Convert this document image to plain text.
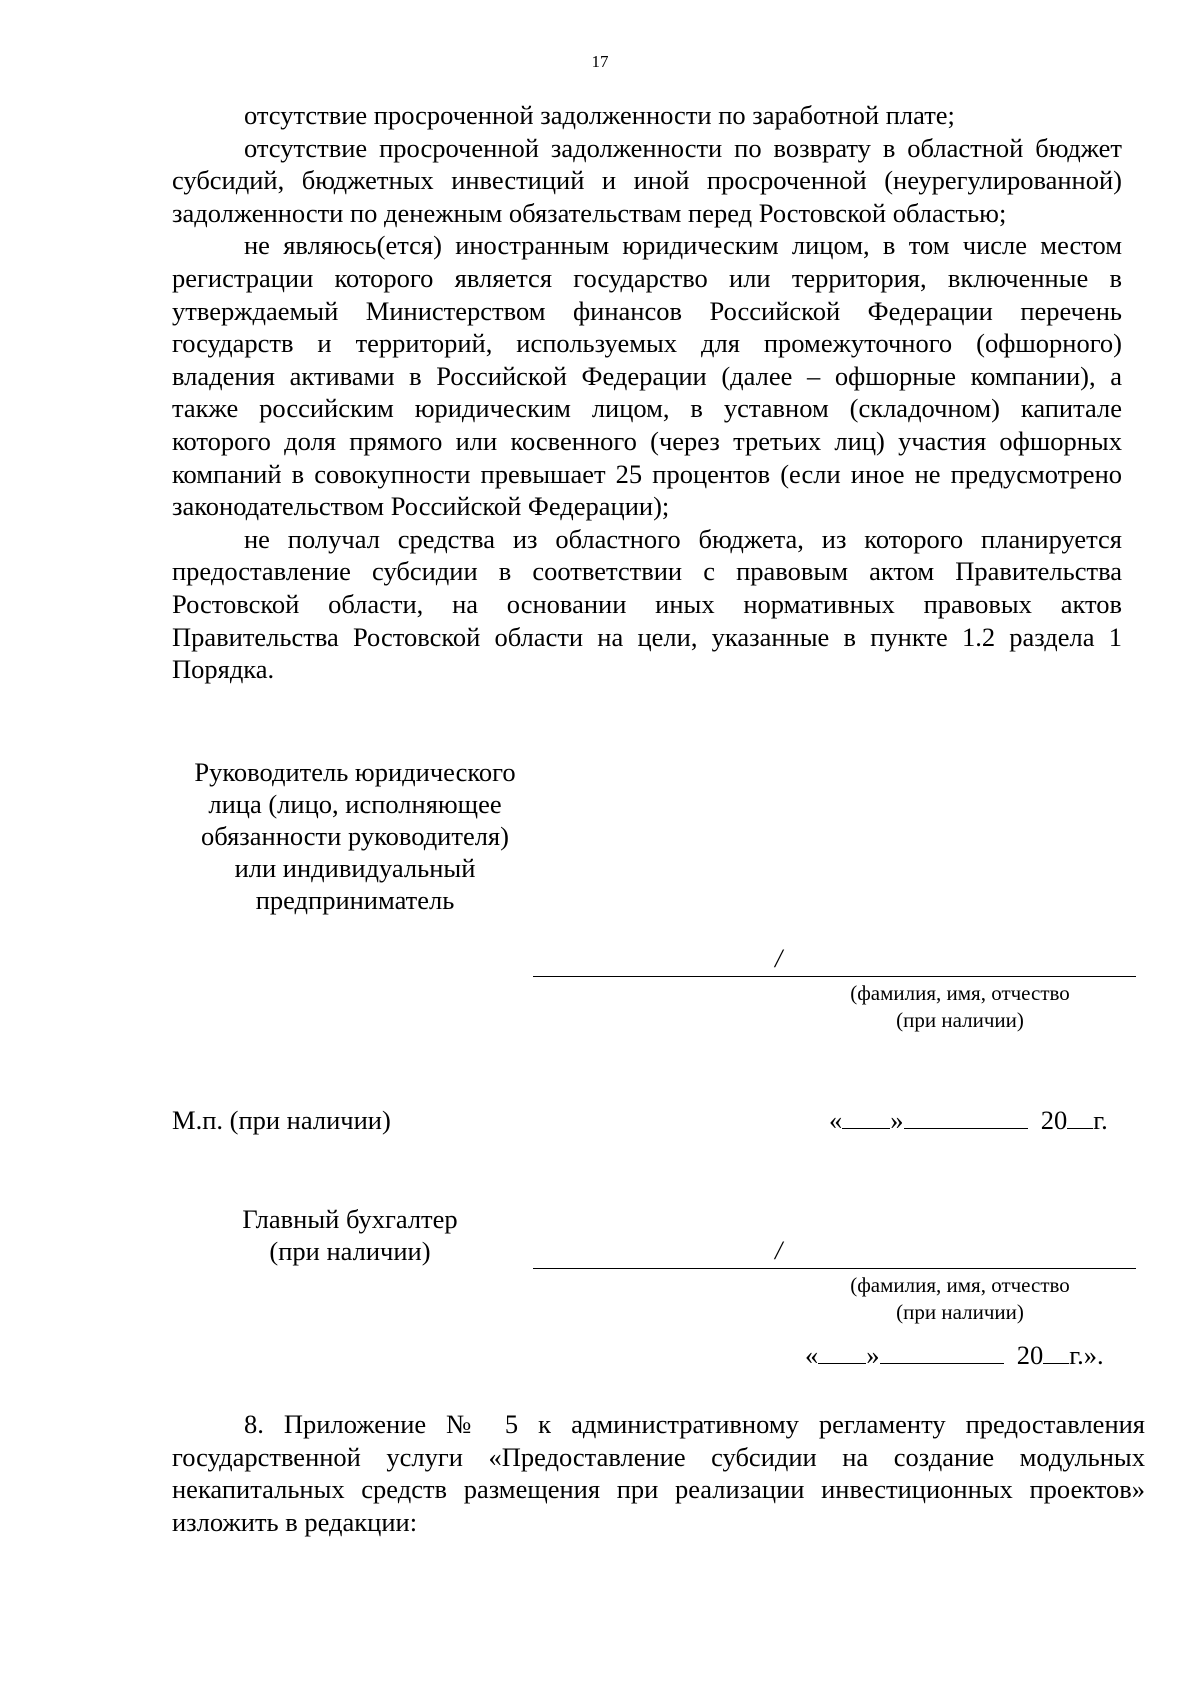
17

отсутствие просроченной задолженности по заработной плате;

отсутствие просроченной задолженности по возврату в областной бюджет субсидий, бюджетных инвестиций и иной просроченной (неурегулированной) задолженности по денежным обязательствам перед Ростовской областью;

не являюсь(ется) иностранным юридическим лицом, в том числе местом регистрации которого является государство или территория, включенные в утверждаемый Министерством финансов Российской Федерации перечень государств и территорий, используемых для промежуточного (офшорного) владения активами в Российской Федерации (далее – офшорные компании), а также российским юридическим лицом, в уставном (складочном) капитале которого доля прямого или косвенного (через третьих лиц) участия офшорных компаний в совокупности превышает 25 процентов (если иное не предусмотрено законодательством Российской Федерации);

не получал средства из областного бюджета, из которого планируется предоставление субсидии в соответствии с правовым актом Правительства Ростовской области, на основании иных нормативных правовых актов Правительства Ростовской области на цели, указанные в пункте 1.2 раздела 1 Порядка.

Руководитель юридического
лица (лицо, исполняющее
обязанности руководителя)
или индивидуальный
предприниматель
/
(фамилия, имя, отчество
(при наличии)
М.п. (при наличии)	« »	20 г.
Главный бухгалтер
(при наличии)	/
(фамилия, имя, отчество
(при наличии)
« »	20 г.».

8. Приложение № 5 к административному регламенту предоставления государственной услуги «Предоставление субсидии на создание модульных некапитальных средств размещения при реализации инвестиционных проектов» изложить в редакции:
